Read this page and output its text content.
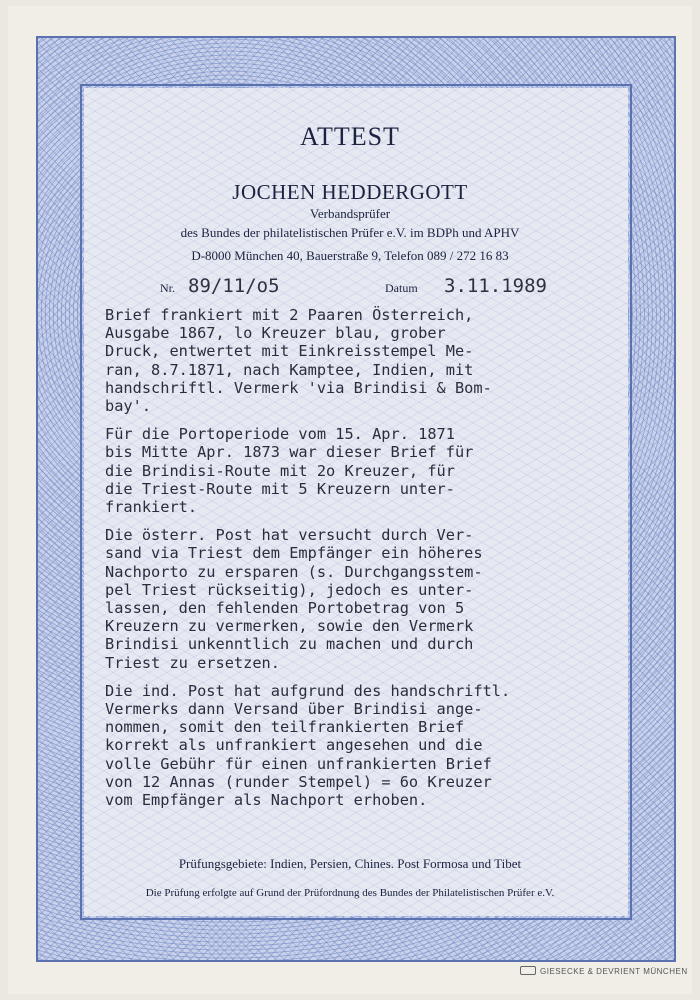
ATTEST
JOCHEN HEDDERGOTT
Verbandsprüfer
des Bundes der philatelistischen Prüfer e.V. im BDPh und APHV
D-8000 München 40, Bauerstraße 9, Telefon 089 / 272 16 83
Nr. 89/11/o5	Datum 3.11.1989
Brief frankiert mit 2 Paaren Österreich,
Ausgabe 1867, lo Kreuzer blau, grober
Druck, entwertet mit Einkreisstempel Me-
ran, 8.7.1871, nach Kamptee, Indien, mit
handschriftl. Vermerk 'via Brindisi & Bom-
bay'.
Für die Portoperiode vom 15. Apr. 1871
bis Mitte Apr. 1873 war dieser Brief für
die Brindisi-Route mit 2o Kreuzer, für
die Triest-Route mit 5 Kreuzern unter-
frankiert.
Die österr. Post hat versucht durch Ver-
sand via Triest dem Empfänger ein höheres
Nachporto zu ersparen (s. Durchgangsstem-
pel Triest rückseitig), jedoch es unter-
lassen, den fehlenden Portobetrag von 5
Kreuzern zu vermerken, sowie den Vermerk
Brindisi unkenntlich zu machen und durch
Triest zu ersetzen.
Die ind. Post hat aufgrund des handschriftl.
Vermerks dann Versand über Brindisi ange-
nommen, somit den teilfrankierten Brief
korrekt als unfrankiert angesehen und die
volle Gebühr für einen unfrankierten Brief
von 12 Annas (runder Stempel) = 6o Kreuzer
vom Empfänger als Nachport erhoben.
Prüfungsgebiete: Indien, Persien, Chines. Post Formosa und Tibet
Die Prüfung erfolgte auf Grund der Prüfordnung des Bundes der Philatelistischen Prüfer e.V.
GIESECKE & DEVRIENT MÜNCHEN
